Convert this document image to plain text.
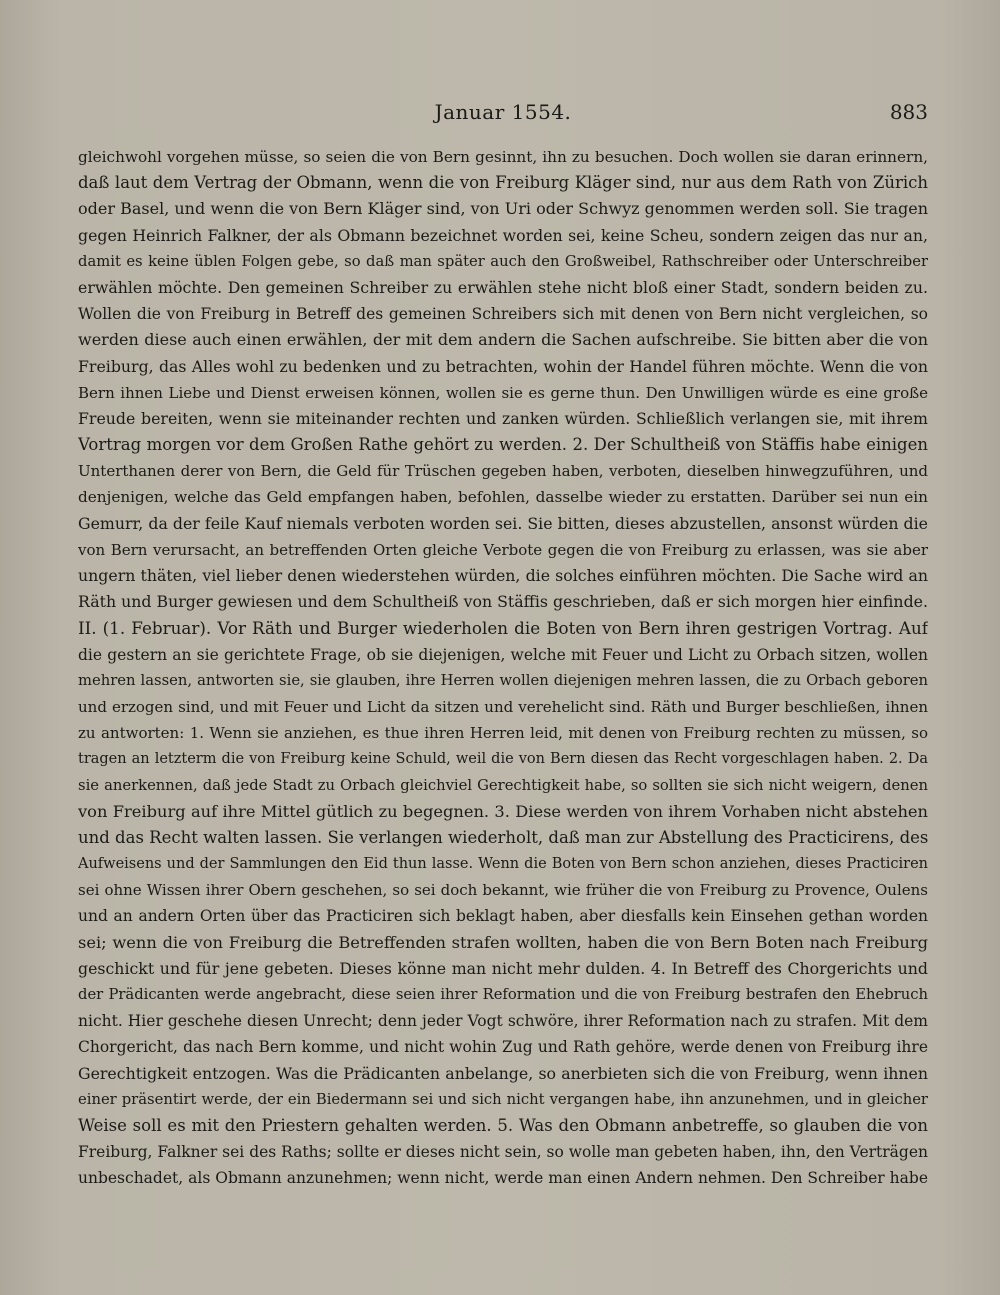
Januar 1554.	883
gleichwohl vorgehen müsse, so seien die von Bern gesinnt, ihn zu besuchen. Doch wollen sie daran erinnern,
daß laut dem Vertrag der Obmann, wenn die von Freiburg Kläger sind, nur aus dem Rath von Zürich
oder Basel, und wenn die von Bern Kläger sind, von Uri oder Schwyz genommen werden soll. Sie tragen
gegen Heinrich Falkner, der als Obmann bezeichnet worden sei, keine Scheu, sondern zeigen das nur an,
damit es keine üblen Folgen gebe, so daß man später auch den Großweibel, Rathschreiber oder Unterschreiber
erwählen möchte. Den gemeinen Schreiber zu erwählen stehe nicht bloß einer Stadt, sondern beiden zu.
Wollen die von Freiburg in Betreff des gemeinen Schreibers sich mit denen von Bern nicht vergleichen, so
werden diese auch einen erwählen, der mit dem andern die Sachen aufschreibe. Sie bitten aber die von
Freiburg, das Alles wohl zu bedenken und zu betrachten, wohin der Handel führen möchte. Wenn die von
Bern ihnen Liebe und Dienst erweisen können, wollen sie es gerne thun. Den Unwilligen würde es eine große
Freude bereiten, wenn sie miteinander rechten und zanken würden. Schließlich verlangen sie, mit ihrem
Vortrag morgen vor dem Großen Rathe gehört zu werden. 2. Der Schultheiß von Stäffis habe einigen
Unterthanen derer von Bern, die Geld für Trüschen gegeben haben, verboten, dieselben hinwegzuführen, und
denjenigen, welche das Geld empfangen haben, befohlen, dasselbe wieder zu erstatten. Darüber sei nun ein
Gemurr, da der feile Kauf niemals verboten worden sei. Sie bitten, dieses abzustellen, ansonst würden die
von Bern verursacht, an betreffenden Orten gleiche Verbote gegen die von Freiburg zu erlassen, was sie aber
ungern thäten, viel lieber denen wiederstehen würden, die solches einführen möchten. Die Sache wird an
Räth und Burger gewiesen und dem Schultheiß von Stäffis geschrieben, daß er sich morgen hier einfinde.
II. (1. Februar). Vor Räth und Burger wiederholen die Boten von Bern ihren gestrigen Vortrag. Auf
die gestern an sie gerichtete Frage, ob sie diejenigen, welche mit Feuer und Licht zu Orbach sitzen, wollen
mehren lassen, antworten sie, sie glauben, ihre Herren wollen diejenigen mehren lassen, die zu Orbach geboren
und erzogen sind, und mit Feuer und Licht da sitzen und verehelicht sind. Räth und Burger beschließen, ihnen
zu antworten: 1. Wenn sie anziehen, es thue ihren Herren leid, mit denen von Freiburg rechten zu müssen, so
tragen an letzterm die von Freiburg keine Schuld, weil die von Bern diesen das Recht vorgeschlagen haben. 2. Da
sie anerkennen, daß jede Stadt zu Orbach gleichviel Gerechtigkeit habe, so sollten sie sich nicht weigern, denen
von Freiburg auf ihre Mittel gütlich zu begegnen. 3. Diese werden von ihrem Vorhaben nicht abstehen
und das Recht walten lassen. Sie verlangen wiederholt, daß man zur Abstellung des Practicirens, des
Aufweisens und der Sammlungen den Eid thun lasse. Wenn die Boten von Bern schon anziehen, dieses Practiciren
sei ohne Wissen ihrer Obern geschehen, so sei doch bekannt, wie früher die von Freiburg zu Provence, Oulens
und an andern Orten über das Practiciren sich beklagt haben, aber diesfalls kein Einsehen gethan worden
sei; wenn die von Freiburg die Betreffenden strafen wollten, haben die von Bern Boten nach Freiburg
geschickt und für jene gebeten. Dieses könne man nicht mehr dulden. 4. In Betreff des Chorgerichts und
der Prädicanten werde angebracht, diese seien ihrer Reformation und die von Freiburg bestrafen den Ehebruch
nicht. Hier geschehe diesen Unrecht; denn jeder Vogt schwöre, ihrer Reformation nach zu strafen. Mit dem
Chorgericht, das nach Bern komme, und nicht wohin Zug und Rath gehöre, werde denen von Freiburg ihre
Gerechtigkeit entzogen. Was die Prädicanten anbelange, so anerbieten sich die von Freiburg, wenn ihnen
einer präsentirt werde, der ein Biedermann sei und sich nicht vergangen habe, ihn anzunehmen, und in gleicher
Weise soll es mit den Priestern gehalten werden. 5. Was den Obmann anbetreffe, so glauben die von
Freiburg, Falkner sei des Raths; sollte er dieses nicht sein, so wolle man gebeten haben, ihn, den Verträgen
unbeschadet, als Obmann anzunehmen; wenn nicht, werde man einen Andern nehmen. Den Schreiber habe
